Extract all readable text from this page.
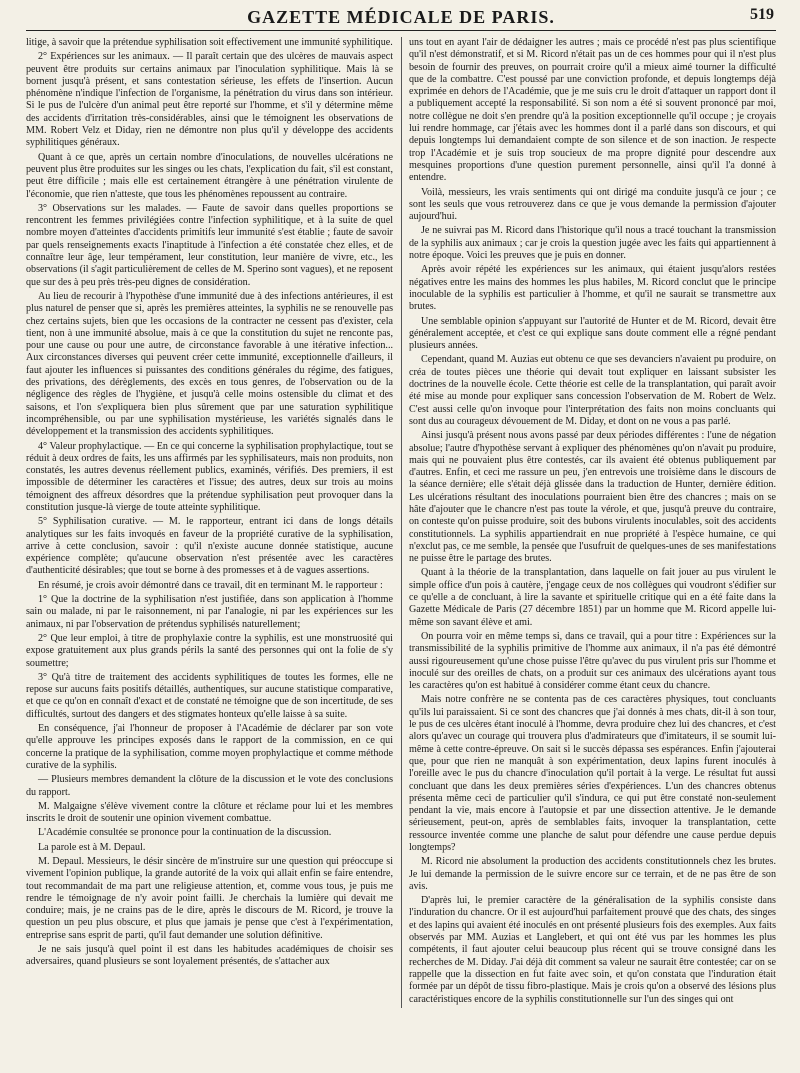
GAZETTE MÉDICALE DE PARIS.	519

litige, à savoir que la prétendue syphilisation soit effectivement une immunité syphilitique.

2° Expériences sur les animaux. — Il paraît certain que des ulcères de mauvais aspect peuvent être produits sur certains animaux par l'inoculation syphilitique. Mais là se bornent jusqu'à présent, et sans contestation sérieuse, les effets de l'insertion. Aucun phénomène n'indique l'infection de l'organisme, la pénétration du virus dans son intérieur. Si le pus de l'ulcère d'un animal peut être reporté sur l'homme, et s'il y détermine même des accidents d'irritation très-considérables, ainsi que le témoignent les observations de MM. Robert Velz et Diday, rien ne démontre non plus qu'il y développe des accidents syphilitiques généraux.

Quant à ce que, après un certain nombre d'inoculations, de nouvelles ulcérations ne peuvent plus être produites sur les singes ou les chats, l'explication du fait, s'il est constant, peut être difficile ; mais elle est certainement étrangère à une pénétration virulente de l'économie, que rien n'atteste, que tous les phénomènes repoussent au contraire.

3° Observations sur les malades. — Faute de savoir dans quelles proportions se rencontrent les femmes privilégiées contre l'infection syphilitique, et à la suite de quel nombre moyen d'atteintes d'accidents primitifs leur immunité s'est établie ; faute de savoir par quels renseignements exacts l'inaptitude à l'infection a été constatée chez elles, et de connaître leur âge, leur tempérament, leur constitution, leur manière de vivre, etc., les observations (il s'agit particulièrement de celles de M. Sperino sont vagues), et ne reposent que sur des à peu près très-peu dignes de considération.

Au lieu de recourir à l'hypothèse d'une immunité due à des infections antérieures, il est plus naturel de penser que si, après les premières atteintes, la syphilis ne se renouvelle pas chez certains sujets, bien que les occasions de la contracter ne cessent pas d'exister, cela tient, non à une immunité absolue, mais à ce que la constitution du sujet ne renconte pas, pour une cause ou pour une autre, de circonstance favorable à une itérative infection... Aux circonstances diverses qui peuvent créer cette immunité, exceptionnelle d'ailleurs, il faut ajouter les influences si puissantes des conditions générales du régime, des fatigues, des privations, des dérèglements, des excès en tous genres, de l'observation ou de la négligence des règles de l'hygiène, et jusqu'à celle moins ostensible du climat et des saisons, et l'on s'expliquera bien plus sûrement que par une saturation syphilitique incompréhensible, ou par une syphilisation mystérieuse, les variétés signalés dans le développement et la transmission des accidents syphilitiques.

4° Valeur prophylactique. — En ce qui concerne la syphilisation prophylactique, tout se réduit à deux ordres de faits, les uns affirmés par les syphilisateurs, mais non produits, non constatés, les autres devenus réellement publics, examinés, vérifiés. Des premiers, il est impossible de déterminer les caractères et l'issue; des autres, deux sur trois au moins témoignent des affreux désordres que la prétendue syphilisation peut provoquer dans la constitution jusque-là vierge de toute atteinte syphilitique.

5° Syphilisation curative. — M. le rapporteur, entrant ici dans de longs détails analytiques sur les faits invoqués en faveur de la propriété curative de la syphilisation, arrive à cette conclusion, savoir : qu'il n'existe aucune donnée statistique, aucune expérience complète; qu'aucune observation n'est présentée avec les caractères d'authenticité désirables; que tout se borne à des promesses et à de vagues assertions.

En résumé, je crois avoir démontré dans ce travail, dit en terminant M. le rapporteur :

1° Que la doctrine de la syphilisation n'est justifiée, dans son application à l'homme sain ou malade, ni par le raisonnement, ni par l'analogie, ni par les expériences sur les animaux, ni par l'observation de prétendus syphilisés naturellement;

2° Que leur emploi, à titre de prophylaxie contre la syphilis, est une monstruosité qui expose gratuitement aux plus grands périls la santé des personnes qui ont la folie de s'y soumettre;

3° Qu'à titre de traitement des accidents syphilitiques de toutes les formes, elle ne repose sur aucuns faits positifs détaillés, authentiques, sur aucune statistique comparative, et que ce qu'on en connaît d'exact et de constaté ne témoigne que de son incertitude, de ses difficultés, surtout des dangers et des stigmates honteux qu'elle laisse à sa suite.

En conséquence, j'ai l'honneur de proposer à l'Académie de déclarer par son vote qu'elle approuve les principes exposés dans le rapport de la commission, en ce qui concerne la pratique de la syphilisation, comme moyen prophylactique et comme méthode curative de la syphilis.

— Plusieurs membres demandent la clôture de la discussion et le vote des conclusions du rapport.

M. Malgaigne s'élève vivement contre la clôture et réclame pour lui et les membres inscrits le droit de soutenir une opinion vivement combattue.

L'Académie consultée se prononce pour la continuation de la discussion.

La parole est à M. Depaul.

M. Depaul. Messieurs, le désir sincère de m'instruire sur une question qui préoccupe si vivement l'opinion publique, la grande autorité de la voix qui allait enfin se faire entendre, tout recommandait de ma part une religieuse attention, et, comme vous tous, je puis me rendre le témoignage de n'y avoir point failli. Je cherchais la lumière qui devait me conduire; mais, je ne crains pas de le dire, après le discours de M. Ricord, je trouve la question un peu plus obscure, et plus que jamais je pense que c'est à l'expérimentation, entreprise sans esprit de parti, qu'il faut demander une solution définitive.

Je ne sais jusqu'à quel point il est dans les habitudes académiques de choisir ses adversaires, quand plusieurs se sont loyalement présentés, de s'attacher aux

uns tout en ayant l'air de dédaigner les autres ; mais ce procédé n'est pas plus scientifique qu'il n'est démonstratif, et si M. Ricord n'était pas un de ces hommes pour qui il n'est plus besoin de fournir des preuves, on pourrait croire qu'il a mieux aimé tourner la difficulté que de la combattre. C'est poussé par une conviction profonde, et depuis longtemps déjà exprimée en dehors de l'Académie, que je me suis cru le droit d'attaquer un rapport dont il a publiquement accepté la responsabilité. Si son nom a été si souvent prononcé par moi, notre collègue ne doit s'en prendre qu'à la position exceptionnelle qu'il occupe ; je croyais lui rendre hommage, car j'étais avec les hommes dont il a parlé dans son discours, et qui depuis longtemps lui demandaient compte de son silence et de son inaction. Je respecte trop l'Académie et je suis trop soucieux de ma propre dignité pour descendre aux mesquines proportions d'une question purement personnelle, ainsi qu'il l'a donné à entendre.

Voilà, messieurs, les vrais sentiments qui ont dirigé ma conduite jusqu'à ce jour ; ce sont les seuls que vous retrouverez dans ce que je vous demande la permission d'ajouter aujourd'hui.

Je ne suivrai pas M. Ricord dans l'historique qu'il nous a tracé touchant la transmission de la syphilis aux animaux ; car je crois la question jugée avec les faits qui appartiennent à notre époque. Voici les preuves que je puis en donner.

Après avoir répété les expériences sur les animaux, qui étaient jusqu'alors restées négatives entre les mains des hommes les plus habiles, M. Ricord conclut que le principe inoculable de la syphilis est particulier à l'homme, et qu'il ne saurait se transmettre aux brutes.

Une semblable opinion s'appuyant sur l'autorité de Hunter et de M. Ricord, devait être généralement acceptée, et c'est ce qui explique sans doute comment elle a régné pendant plusieurs années.

Cependant, quand M. Auzias eut obtenu ce que ses devanciers n'avaient pu produire, on créa de toutes pièces une théorie qui devait tout expliquer en laissant subsister les doctrines de la nouvelle école. Cette théorie est celle de la transplantation, qui paraît avoir été mise au monde pour expliquer sans concession l'observation de M. Robert de Welz. C'est aussi celle qu'on invoque pour l'interprétation des faits non moins concluants qui sont dus au courageux dévouement de M. Diday, et dont on ne vous a pas parlé.

Ainsi jusqu'à présent nous avons passé par deux périodes différentes : l'une de négation absolue; l'autre d'hypothèse servant à expliquer des phénomènes qu'on n'avait pu produire, mais qui ne pouvaient plus être contestés, car ils avaient été obtenus publiquement par d'autres. Enfin, et ceci me rassure un peu, j'en entrevois une troisième dans le discours de la séance dernière; elle s'était déjà glissée dans la traduction de Hunter, dernière édition. Les ulcérations résultant des inoculations pourraient bien être des chancres ; mais on se hâte d'ajouter que le chancre n'est pas toute la vérole, et que, jusqu'à preuve du contraire, on conteste qu'on puisse produire, soit des bubons virulents inoculables, soit des accidents constitutionnels. La syphilis appartiendrait en nue propriété à l'espèce humaine, ce qui n'exclut pas, ce me semble, la pensée que l'usufruit de quelques-unes de ses manifestations ne puisse être le partage des brutes.

Quant à la théorie de la transplantation, dans laquelle on fait jouer au pus virulent le simple office d'un pois à cautère, j'engage ceux de nos collègues qui voudront s'édifier sur ce qu'elle a de concluant, à lire la savante et spirituelle critique qui en a été faite dans la Gazette Médicale de Paris (27 décembre 1851) par un homme que M. Ricord appelle lui-même son savant élève et ami.

On pourra voir en même temps si, dans ce travail, qui a pour titre : Expériences sur la transmissibilité de la syphilis primitive de l'homme aux animaux, il n'a pas été démontré aussi rigoureusement qu'une chose puisse l'être qu'avec du pus virulent pris sur l'homme et inoculé sur des oreilles de chats, on a produit sur ces animaux des ulcérations ayant tous les caractères qu'on est habitué à considérer comme étant ceux du chancre.

Mais notre confrère ne se contenta pas de ces caractères physiques, tout concluants qu'ils lui paraissaient. Si ce sont des chancres que j'ai donnés à mes chats, dit-il à son tour, le pus de ces ulcères étant inoculé à l'homme, devra produire chez lui des chancres, et c'est alors qu'avec un courage qui trouvera plus d'admirateurs que d'imitateurs, il se soumit lui-même à cette contre-épreuve. On sait si le succès dépassa ses espérances. Enfin j'ajouterai que, pour que rien ne manquât à son expérimentation, deux lapins furent inoculés à l'oreille avec le pus du chancre d'inoculation qu'il portait à la verge. Le résultat fut aussi concluant que dans les deux premières séries d'expériences. L'un des chancres obtenus présenta même ceci de particulier qu'il s'indura, ce qui put être constaté non-seulement pendant la vie, mais encore à l'autopsie et par une dissection attentive. Je le demande sérieusement, peut-on, après de semblables faits, invoquer la transplantation, cette ressource inventée comme une planche de salut pour défendre une cause perdue depuis longtemps?

M. Ricord nie absolument la production des accidents constitutionnels chez les brutes. Je lui demande la permission de le suivre encore sur ce terrain, et de ne pas être de son avis.

D'après lui, le premier caractère de la généralisation de la syphilis consiste dans l'induration du chancre. Or il est aujourd'hui parfaitement prouvé que des chats, des singes et des lapins qui avaient été inoculés en ont présenté plusieurs fois des exemples. Aux faits observés par MM. Auzias et Langlebert, et qui ont été vus par les hommes les plus compétents, il faut ajouter celui beaucoup plus récent qui se trouve consigné dans les recherches de M. Diday. J'ai déjà dit comment sa valeur ne saurait être contestée; car on se rappelle que la dissection en fut faite avec soin, et qu'on constata que l'induration était formée par un dépôt de tissu fibro-plastique. Mais je crois qu'on a observé des lésions plus caractéristiques encore de la syphilis constitutionnelle sur l'un des singes qui ont
